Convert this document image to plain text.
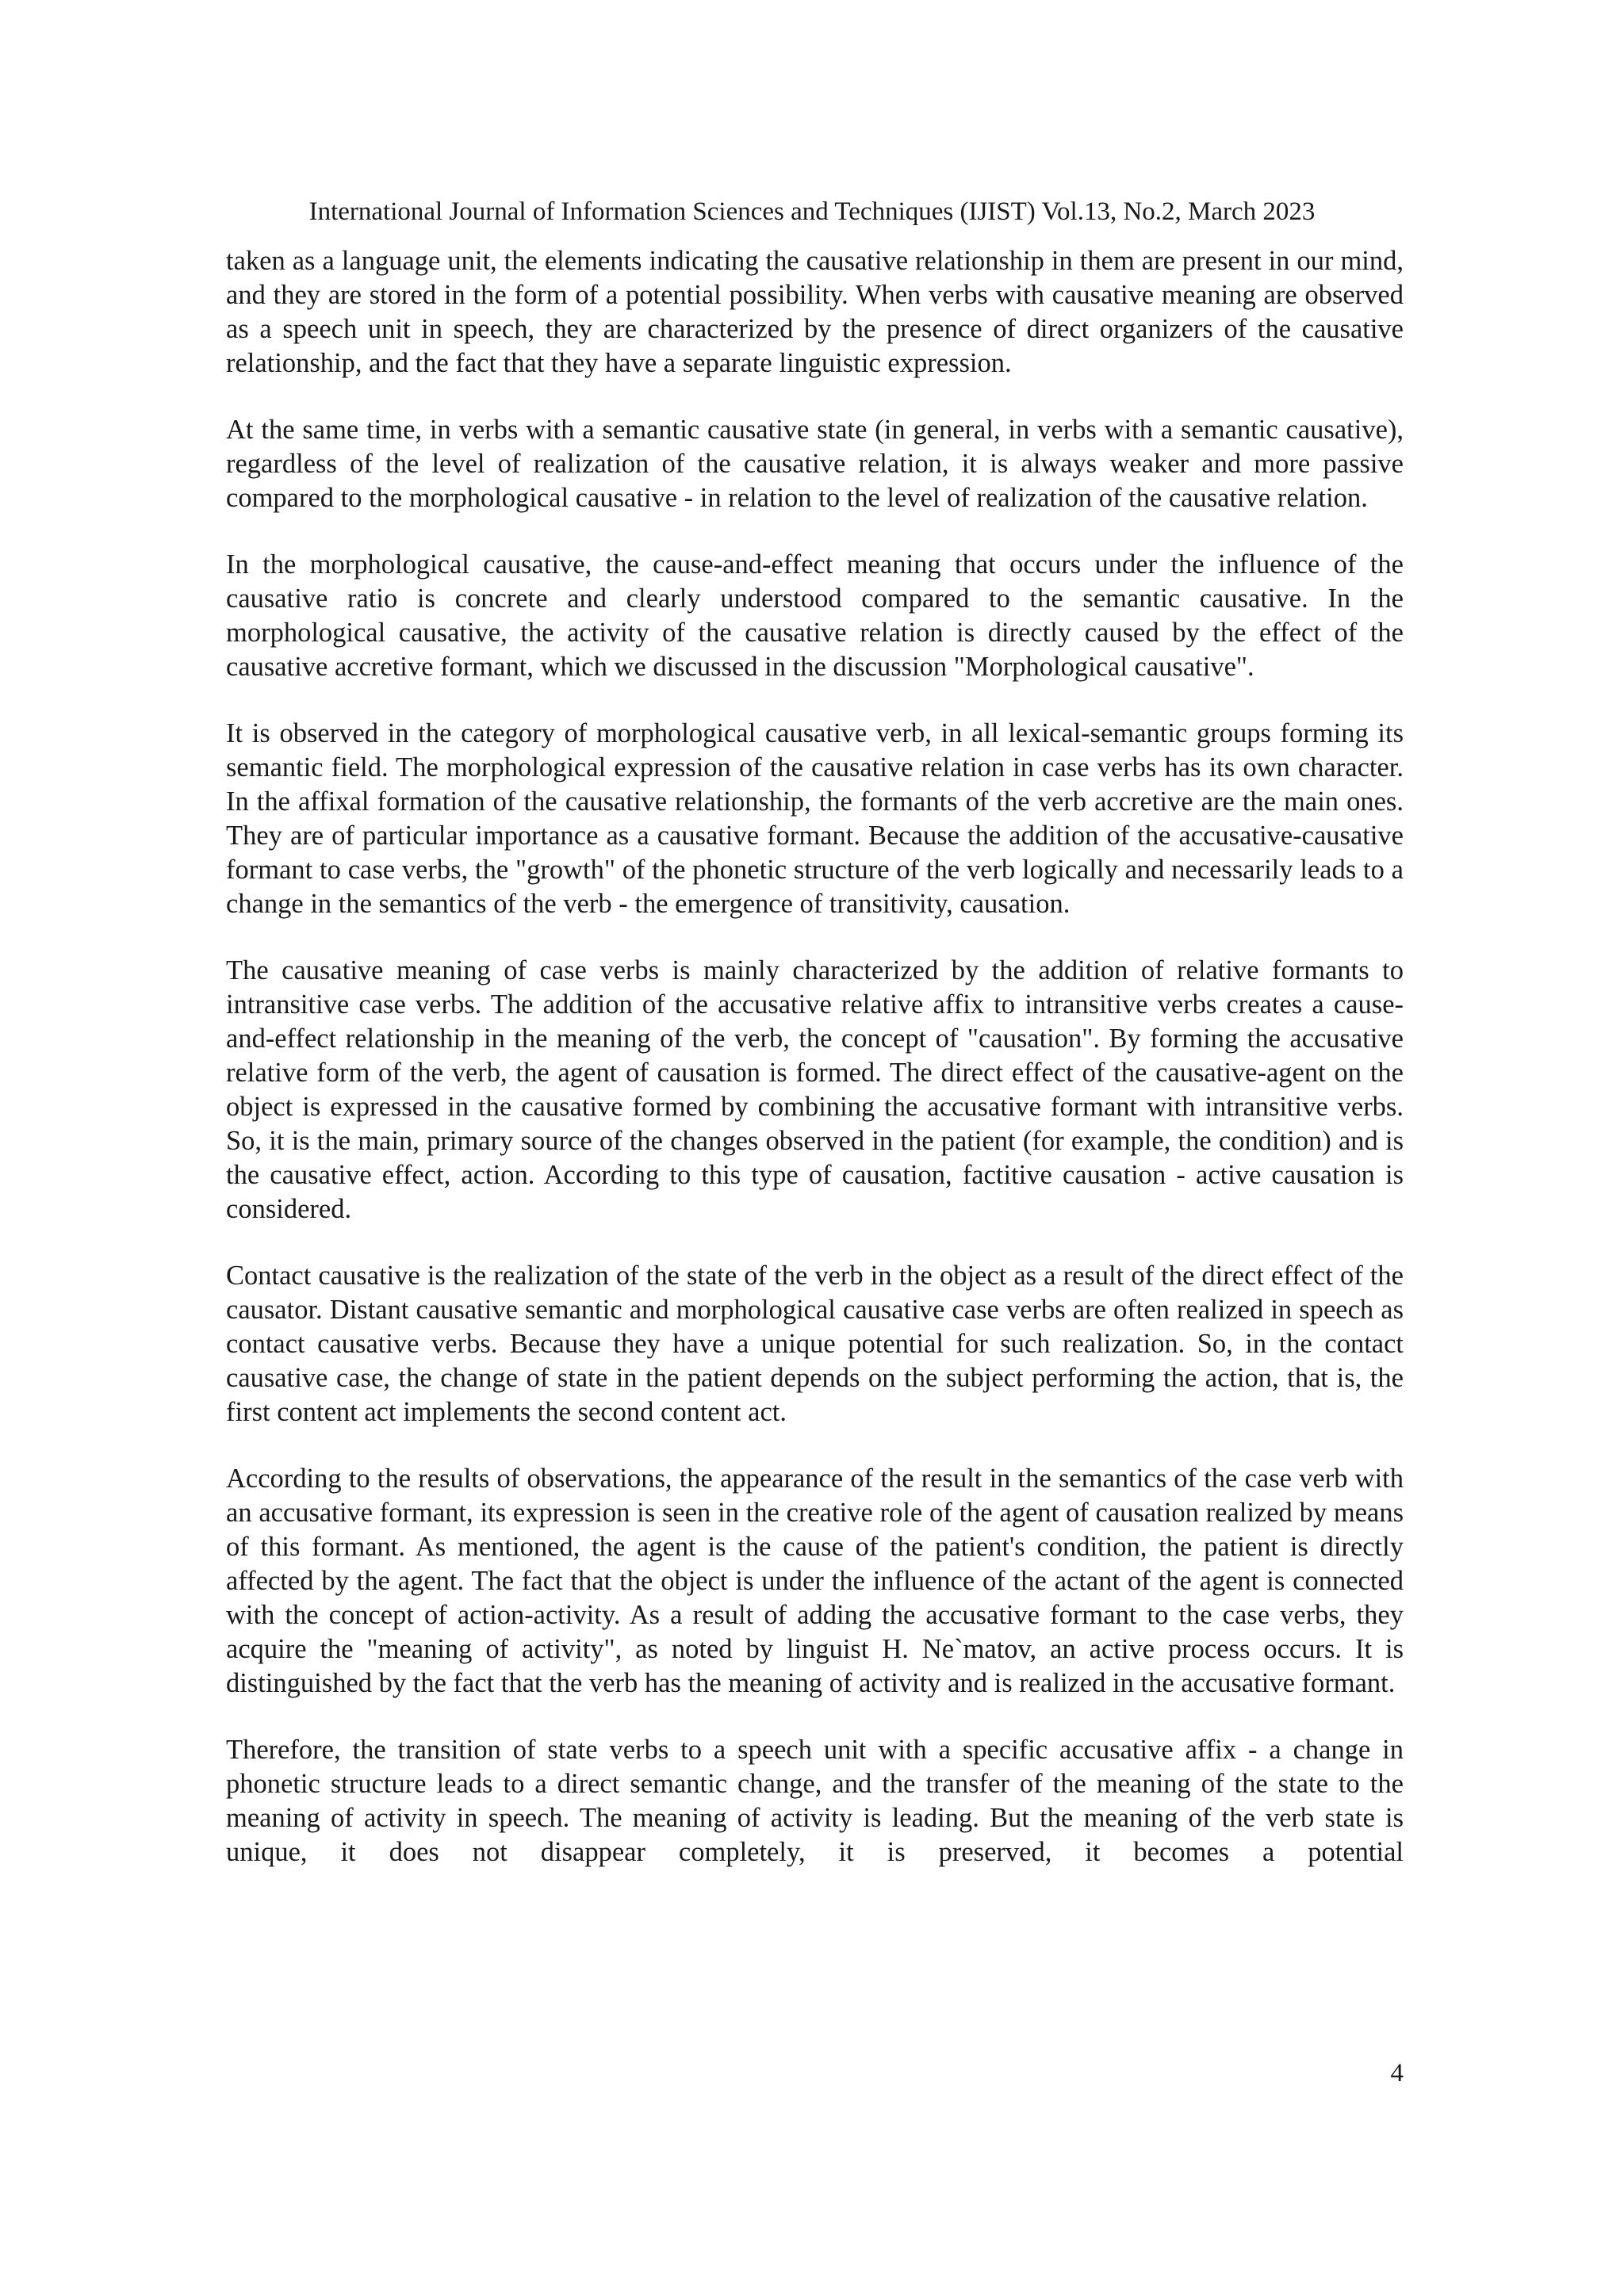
International Journal of Information Sciences and Techniques (IJIST) Vol.13, No.2, March 2023

taken as a language unit, the elements indicating the causative relationship in them are present in our mind, and they are stored in the form of a potential possibility. When verbs with causative meaning are observed as a speech unit in speech, they are characterized by the presence of direct organizers of the causative relationship, and the fact that they have a separate linguistic expression.

At the same time, in verbs with a semantic causative state (in general, in verbs with a semantic causative), regardless of the level of realization of the causative relation, it is always weaker and more passive compared to the morphological causative - in relation to the level of realization of the causative relation.

In the morphological causative, the cause-and-effect meaning that occurs under the influence of the causative ratio is concrete and clearly understood compared to the semantic causative. In the morphological causative, the activity of the causative relation is directly caused by the effect of the causative accretive formant, which we discussed in the discussion "Morphological causative".

It is observed in the category of morphological causative verb, in all lexical-semantic groups forming its semantic field. The morphological expression of the causative relation in case verbs has its own character. In the affixal formation of the causative relationship, the formants of the verb accretive are the main ones. They are of particular importance as a causative formant. Because the addition of the accusative-causative formant to case verbs, the "growth" of the phonetic structure of the verb logically and necessarily leads to a change in the semantics of the verb - the emergence of transitivity, causation.

The causative meaning of case verbs is mainly characterized by the addition of relative formants to intransitive case verbs. The addition of the accusative relative affix to intransitive verbs creates a cause-and-effect relationship in the meaning of the verb, the concept of "causation". By forming the accusative relative form of the verb, the agent of causation is formed. The direct effect of the causative-agent on the object is expressed in the causative formed by combining the accusative formant with intransitive verbs. So, it is the main, primary source of the changes observed in the patient (for example, the condition) and is the causative effect, action. According to this type of causation, factitive causation - active causation is considered.

Contact causative is the realization of the state of the verb in the object as a result of the direct effect of the causator. Distant causative semantic and morphological causative case verbs are often realized in speech as contact causative verbs. Because they have a unique potential for such realization. So, in the contact causative case, the change of state in the patient depends on the subject performing the action, that is, the first content act implements the second content act.

According to the results of observations, the appearance of the result in the semantics of the case verb with an accusative formant, its expression is seen in the creative role of the agent of causation realized by means of this formant. As mentioned, the agent is the cause of the patient's condition, the patient is directly affected by the agent. The fact that the object is under the influence of the actant of the agent is connected with the concept of action-activity. As a result of adding the accusative formant to the case verbs, they acquire the "meaning of activity", as noted by linguist H. Ne`matov, an active process occurs. It is distinguished by the fact that the verb has the meaning of activity and is realized in the accusative formant.

Therefore, the transition of state verbs to a speech unit with a specific accusative affix - a change in phonetic structure leads to a direct semantic change, and the transfer of the meaning of the state to the meaning of activity in speech. The meaning of activity is leading. But the meaning of the verb state is unique, it does not disappear completely, it is preserved, it becomes a potential

4
